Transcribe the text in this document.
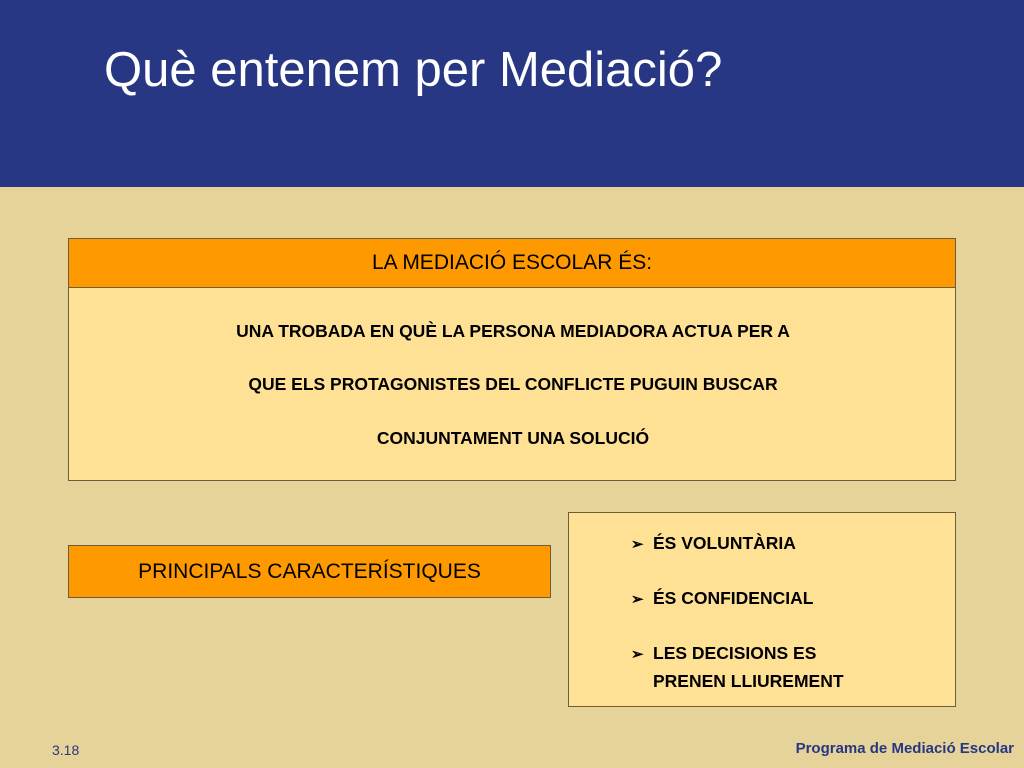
Què entenem per Mediació?
LA MEDIACIÓ ESCOLAR ÉS:
UNA TROBADA EN QUÈ LA PERSONA MEDIADORA ACTUA PER A
QUE ELS PROTAGONISTES DEL CONFLICTE PUGUIN BUSCAR
CONJUNTAMENT UNA SOLUCIÓ
PRINCIPALS CARACTERÍSTIQUES
➢ ÉS VOLUNTÀRIA
➢ ÉS CONFIDENCIAL
➢ LES DECISIONS ES
PRENEN LLIUREMENT
3.18	Programa de Mediació Escolar
